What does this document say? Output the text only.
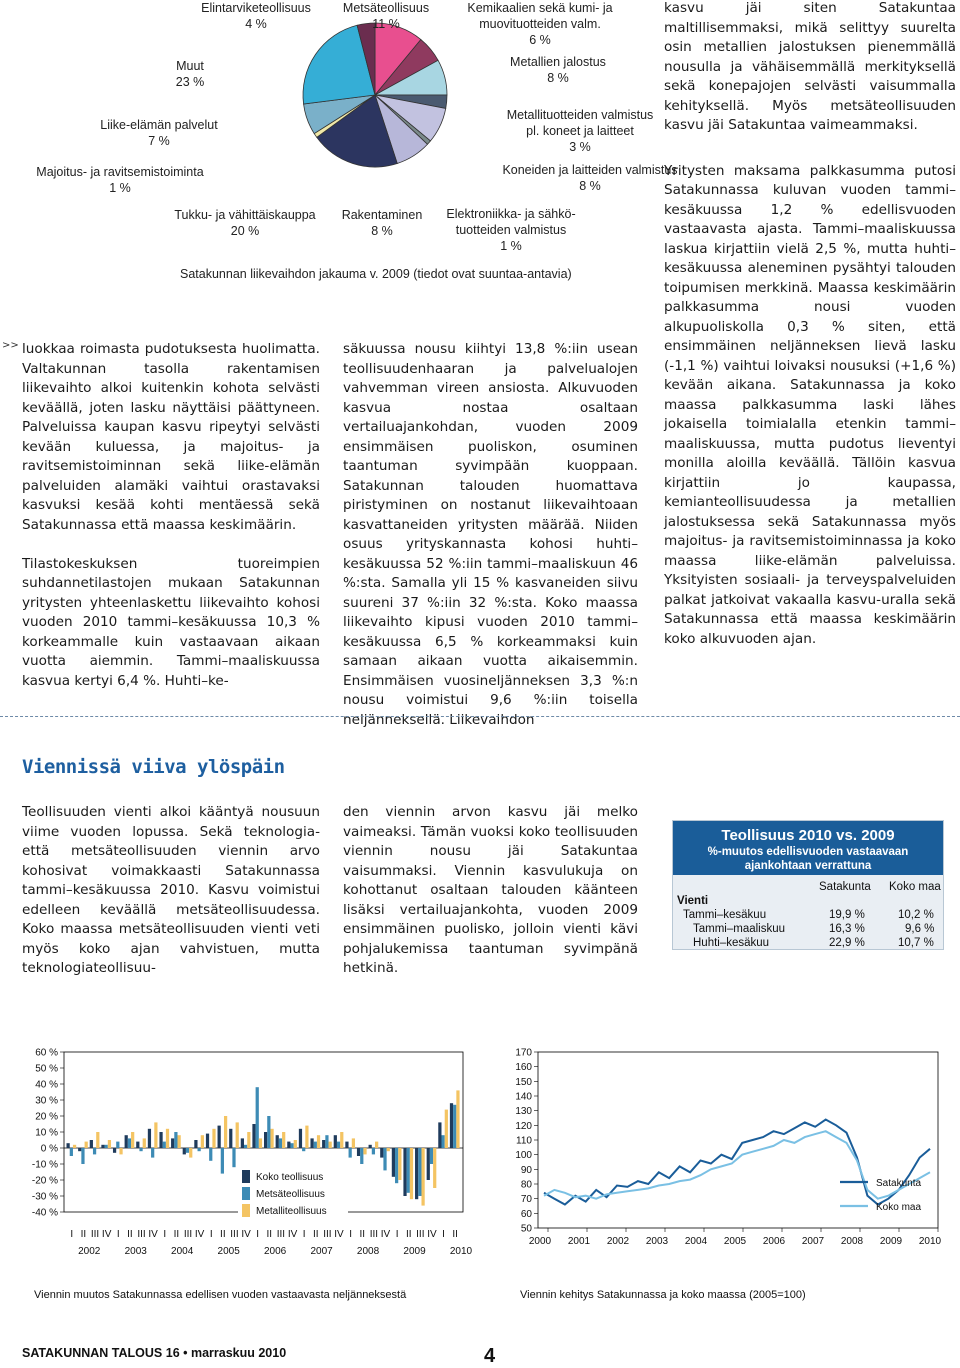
Elintarviketeollisuus
4 %
Metsäteollisuus
11 %
Kemikaalien sekä kumi- ja
muovituotteiden valm.
6 %
Muut
23 %
Metallien jalostus
8 %
Liike-elämän palvelut
7 %
Metallituotteiden valmistus
pl. koneet ja laitteet
3 %
Majoitus- ja ravitsemistoiminta
1 %
Koneiden ja laitteiden valmistus
8 %
Tukku- ja vähittäiskauppa
20 %
Rakentaminen
8 %
Elektroniikka- ja sähkö-
tuotteiden valmistus
1 %
Satakunnan liikevaihdon jakauma v. 2009 (tiedot ovat suuntaa-antavia)
>> luokkaa roimasta pudotuksesta huolimatta. Valtakunnan tasolla rakentamisen liikevaihto alkoi kuitenkin kohota selvästi keväällä, joten lasku näyttäisi päättyneen. Palveluissa kaupan kasvu ripeytyi selvästi kevään kuluessa, ja majoitus- ja ravitsemistoiminnan sekä liike-elämän palveluiden alamäki vaihtui orastavaksi kasvuksi kesää kohti mentäessä sekä Satakunnassa että maassa keskimäärin.

Tilastokeskuksen tuoreimpien suhdannetilastojen mukaan Satakunnan yritysten yhteenlaskettu liikevaihto kohosi vuoden 2010 tammi–kesäkuussa 10,3 % korkeammalle kuin vastaavaan aikaan vuotta aiemmin. Tammi–maaliskuussa kasvua kertyi 6,4 %. Huhti–ke-

säkuussa nousu kiihtyi 13,8 %:iin usean teollisuudenhaaran ja palvelualojen vahvemman vireen ansiosta. Alkuvuoden kasvua nostaa osaltaan vertailuajankohdan, vuoden 2009 ensimmäisen puoliskon, osuminen taantuman syvimpään kuoppaan. Satakunnan talouden huomattava piristyminen on nostanut liikevaihtoaan kasvattaneiden yritysten määrää. Niiden osuus yrityskannasta kohosi huhti–kesäkuussa 52 %:iin tammi–maaliskuun 46 %:sta. Samalla yli 15 % kasvaneiden siivu suureni 37 %:iin 32 %:sta. Koko maassa liikevaihto kipusi vuoden 2010 tammi–kesäkuussa 6,5 % korkeammaksi kuin samaan aikaan vuotta aikaisemmin. Ensimmäisen vuosineljänneksen 3,3 %:n nousu voimistui 9,6 %:iin toisella neljänneksellä. Liikevaihdon

kasvu jäi siten Satakuntaa maltillisemmaksi, mikä selittyy suurelta osin metallien jalostuksen pienemmällä nousulla ja vähäisemmällä merkityksellä sekä konepajojen selvästi vaisummalla kehityksellä. Myös metsäteollisuuden kasvu jäi Satakuntaa vaimeammaksi.

Yritysten maksama palkkasumma putosi Satakunnassa kuluvan vuoden tammi–kesäkuussa 1,2 % edellisvuoden vastaavasta ajasta. Tammi–maaliskuussa laskua kirjattiin vielä 2,5 %, mutta huhti–kesäkuussa aleneminen pysähtyi talouden toipumisen merkkinä. Maassa keskimäärin palkkasumma nousi vuoden alkupuoliskolla 0,3 % siten, että ensimmäinen neljänneksen lievä lasku (-1,1 %) vaihtui loivaksi nousuksi (+1,6 %) kevään aikana. Satakunnassa ja koko maassa palkkasumma laski lähes jokaisella toimialalla etenkin tammi–maaliskuussa, mutta pudotus lieventyi monilla aloilla keväällä. Tällöin kasvua kirjattiin jo kaupassa, kemianteollisuudessa ja metallien jalostuksessa sekä Satakunnassa myös majoitus- ja ravitsemistoiminnassa ja koko maassa liike-elämän palveluissa. Yksityisten sosiaali- ja terveyspalveluiden palkat jatkoivat vakaalla kasvu-uralla sekä Satakunnassa että maassa keskimäärin koko alkuvuoden ajan.

Viennissä viiva ylöspäin

Teollisuuden vienti alkoi kääntyä nousuun viime vuoden lopussa. Sekä teknologia- että metsäteollisuuden viennin arvo kohosivat voimakkaasti Satakunnassa tammi–kesäkuussa 2010. Kasvu voimistui edelleen keväällä metsäteollisuudessa. Koko maassa metsäteollisuuden vienti veti myös koko ajan vahvistuen, mutta teknologiateollisuu-

den viennin arvon kasvu jäi melko vaimeaksi. Tämän vuoksi koko teollisuuden viennin nousu jäi Satakuntaa vaisummaksi. Viennin kasvulukuja on kohottanut osaltaan talouden käänteen lisäksi vertailuajankohta, vuoden 2009 ensimmäinen puolisko, jolloin vienti kävi pohjalukemissa taantuman syvimpänä hetkinä.

Teollisuus 2010 vs. 2009
%-muutos edellisvuoden vastaavaan
ajankohtaan verrattuna
Satakunta Koko maa
Vienti
Tammi–kesäkuu	19,9 %	10,2 %
Tammi–maaliskuu	16,3 %	9,6 %
Huhti–kesäkuu	22,9 %	10,7 %
60 %
50 %
40 %
30 %
20 %
10 %
0 %
-10 %
-20 %
-30 %
-40 %
I II III IV I II III IV I II III IV I II III IV I II III IV I II III IV I II III IV I II III IV I II
2002 2003 2004 2005 2006 2007 2008 2009 2010
Koko teollisuus
Metsäteollisuus
Metalliteollisuus
Viennin muutos Satakunnassa edellisen vuoden vastaavasta neljänneksestä
170
160
150
140
130
120
110
100
90
80
70
60
50
2000 2001 2002 2003 2004 2005 2006 2007 2008 2009 2010
Satakunta
Koko maa
Viennin kehitys Satakunnassa ja koko maassa (2005=100)
SATAKUNNAN TALOUS 16 • marraskuu 2010	4
